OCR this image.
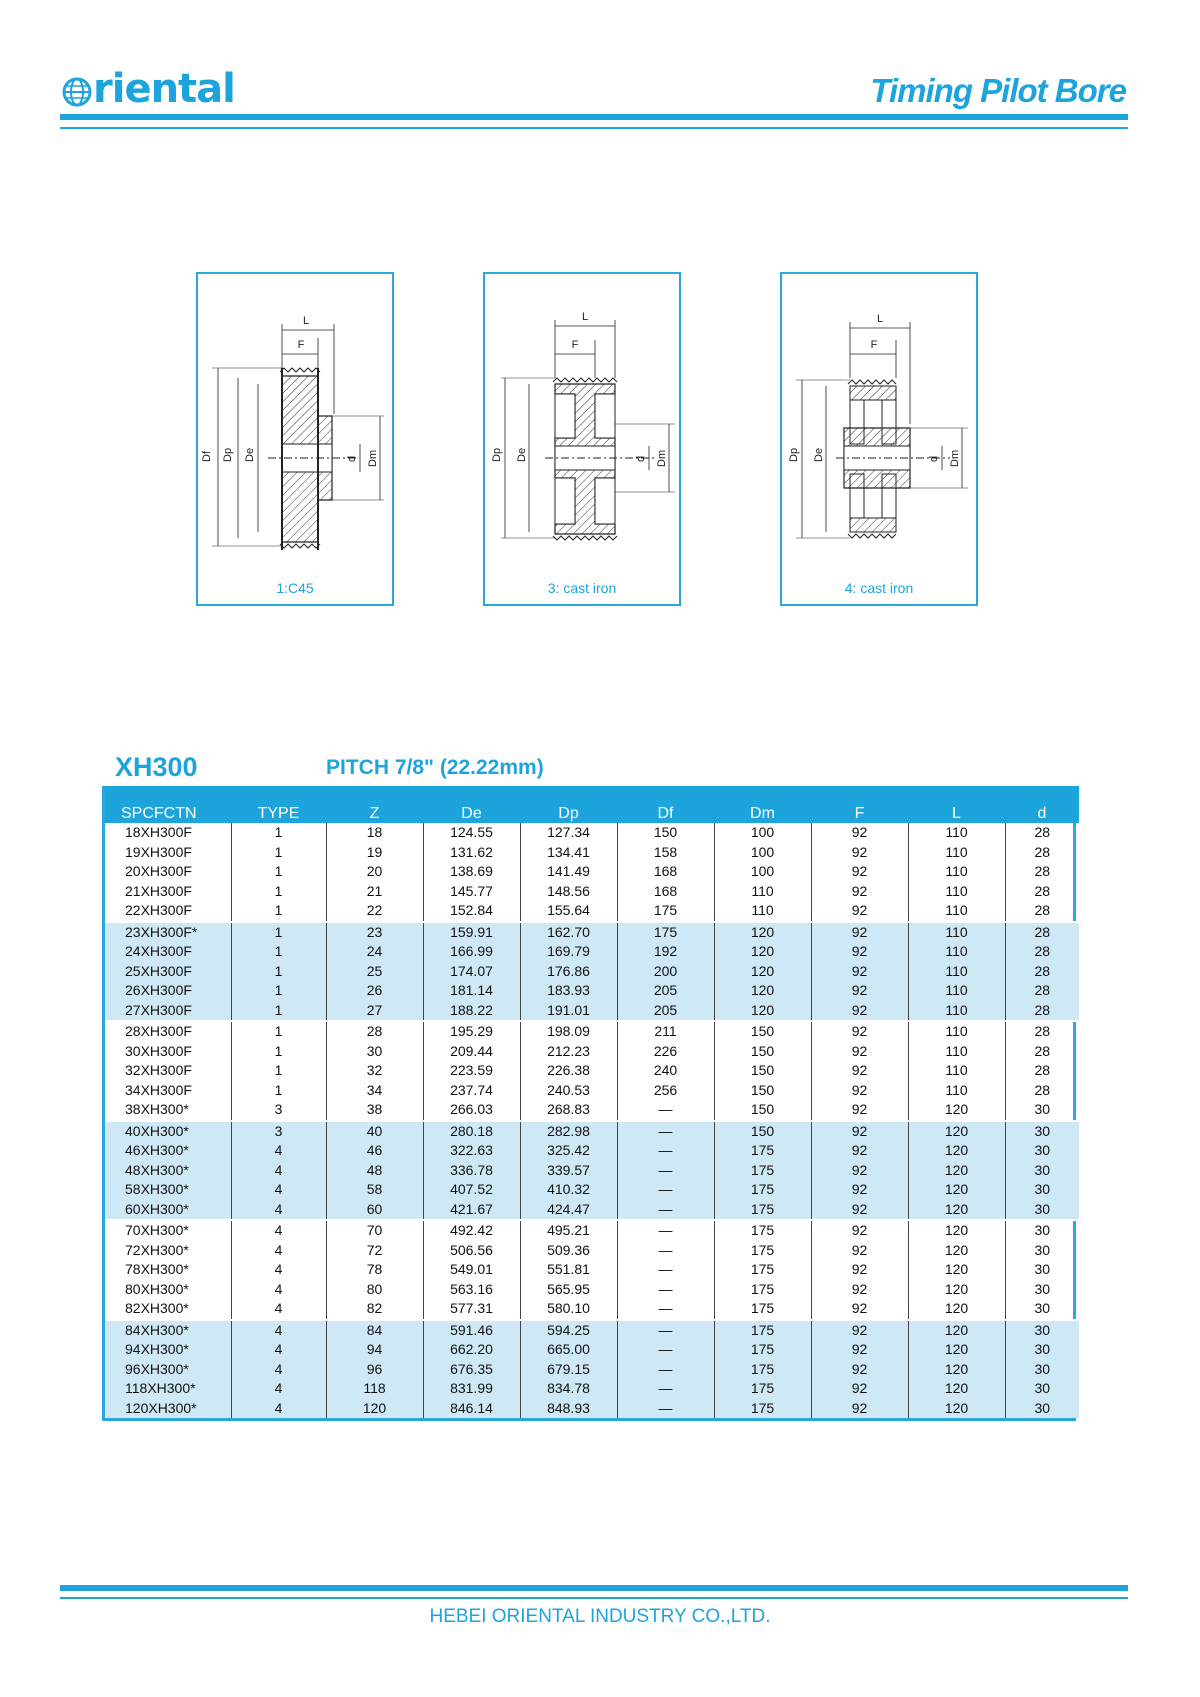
riental	Timing Pilot Bore
L
F
Df Dp De	d Dm
1:C45
L
F
Dp De	d Dm
3: cast iron
L
F
Dp De	d Dm
4: cast iron
XH300	PITCH 7/8" (22.22mm)
SPCFCTN	TYPE	Z	De	Dp	Df	Dm	F	L	d
18XH300F	1	18	124.55	127.34	150	100	92	110	28
19XH300F	1	19	131.62	134.41	158	100	92	110	28
20XH300F	1	20	138.69	141.49	168	100	92	110	28
21XH300F	1	21	145.77	148.56	168	110	92	110	28
22XH300F	1	22	152.84	155.64	175	110	92	110	28
23XH300F*	1	23	159.91	162.70	175	120	92	110	28
24XH300F	1	24	166.99	169.79	192	120	92	110	28
25XH300F	1	25	174.07	176.86	200	120	92	110	28
26XH300F	1	26	181.14	183.93	205	120	92	110	28
27XH300F	1	27	188.22	191.01	205	120	92	110	28
28XH300F	1	28	195.29	198.09	211	150	92	110	28
30XH300F	1	30	209.44	212.23	226	150	92	110	28
32XH300F	1	32	223.59	226.38	240	150	92	110	28
34XH300F	1	34	237.74	240.53	256	150	92	110	28
38XH300*	3	38	266.03	268.83	—	150	92	120	30
40XH300*	3	40	280.18	282.98	—	150	92	120	30
46XH300*	4	46	322.63	325.42	—	175	92	120	30
48XH300*	4	48	336.78	339.57	—	175	92	120	30
58XH300*	4	58	407.52	410.32	—	175	92	120	30
60XH300*	4	60	421.67	424.47	—	175	92	120	30
70XH300*	4	70	492.42	495.21	—	175	92	120	30
72XH300*	4	72	506.56	509.36	—	175	92	120	30
78XH300*	4	78	549.01	551.81	—	175	92	120	30
80XH300*	4	80	563.16	565.95	—	175	92	120	30
82XH300*	4	82	577.31	580.10	—	175	92	120	30
84XH300*	4	84	591.46	594.25	—	175	92	120	30
94XH300*	4	94	662.20	665.00	—	175	92	120	30
96XH300*	4	96	676.35	679.15	—	175	92	120	30
118XH300*	4	118	831.99	834.78	—	175	92	120	30
120XH300*	4	120	846.14	848.93	—	175	92	120	30
HEBEI ORIENTAL INDUSTRY CO.,LTD.
